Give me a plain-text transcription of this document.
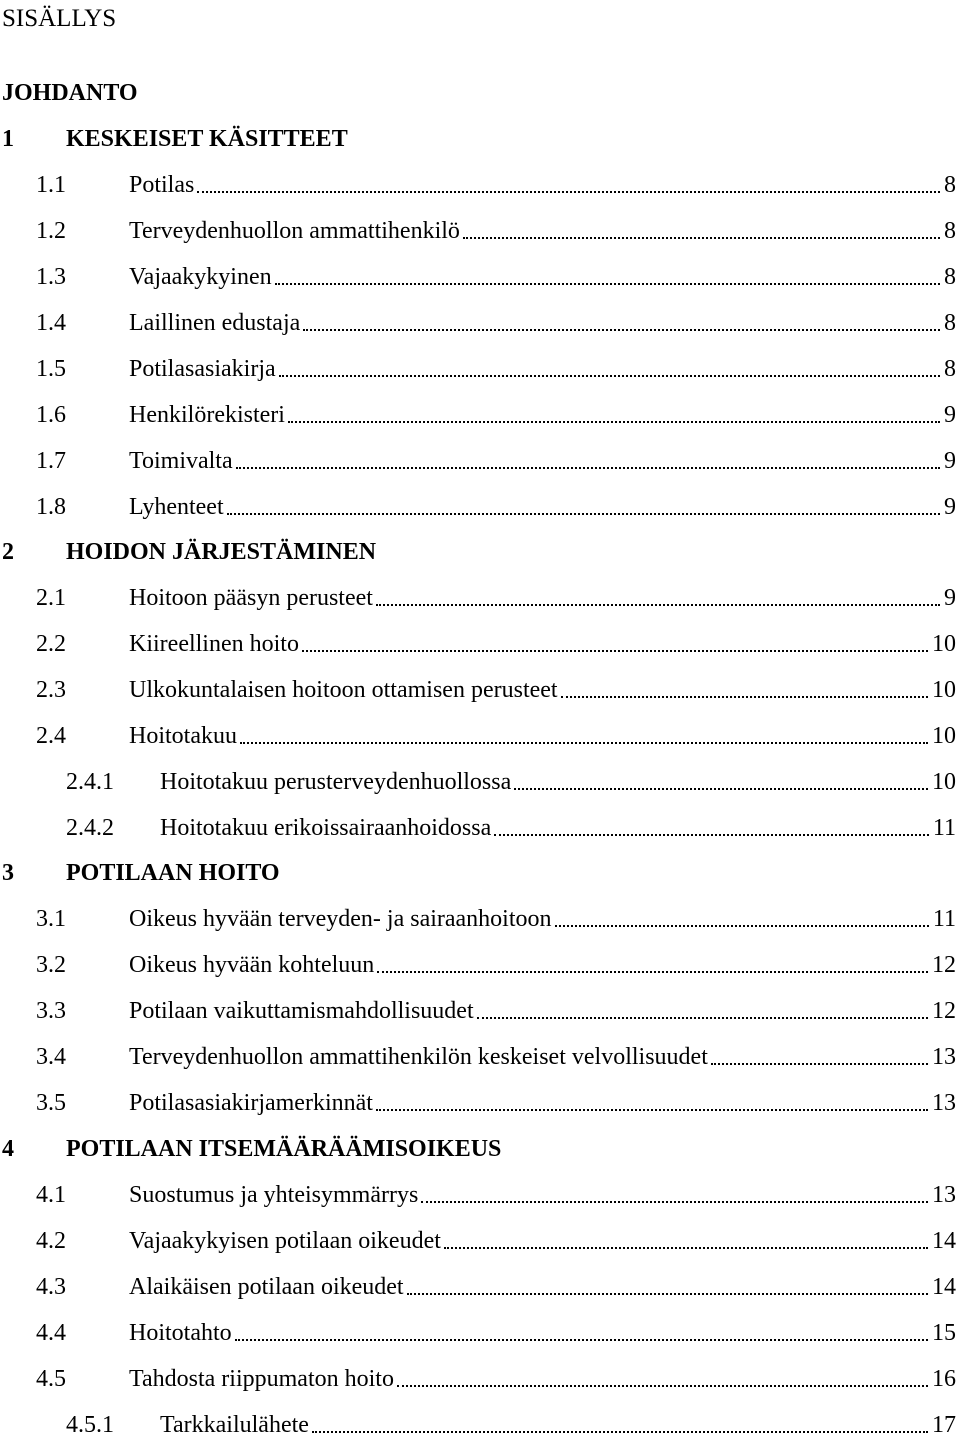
SISÄLLYS
JOHDANTO
1 KESKEISET KÄSITTEET
1.1	Potilas	8
1.2	Terveydenhuollon ammattihenkilö	8
1.3	Vajaakykyinen	8
1.4	Laillinen edustaja	8
1.5	Potilasasiakirja	8
1.6	Henkilörekisteri	9
1.7	Toimivalta	9
1.8	Lyhenteet	9
2 HOIDON JÄRJESTÄMINEN
2.1	Hoitoon pääsyn perusteet	9
2.2	Kiireellinen hoito	10
2.3	Ulkokuntalaisen hoitoon ottamisen perusteet	10
2.4	Hoitotakuu	10
2.4.1 Hoitotakuu perusterveydenhuollossa	10
2.4.2 Hoitotakuu erikoissairaanhoidossa	11
3 POTILAAN HOITO
3.1	Oikeus hyvään terveyden- ja sairaanhoitoon	11
3.2	Oikeus hyvään kohteluun	12
3.3	Potilaan vaikuttamismahdollisuudet	12
3.4	Terveydenhuollon ammattihenkilön keskeiset velvollisuudet	13
3.5	Potilasasiakirjamerkinnät	13
4 POTILAAN ITSEMÄÄRÄÄMISOIKEUS
4.1	Suostumus ja yhteisymmärrys	13
4.2	Vajaakykyisen potilaan oikeudet	14
4.3	Alaikäisen potilaan oikeudet	14
4.4	Hoitotahto	15
4.5	Tahdosta riippumaton hoito	16
4.5.1 Tarkkailulähete	17
